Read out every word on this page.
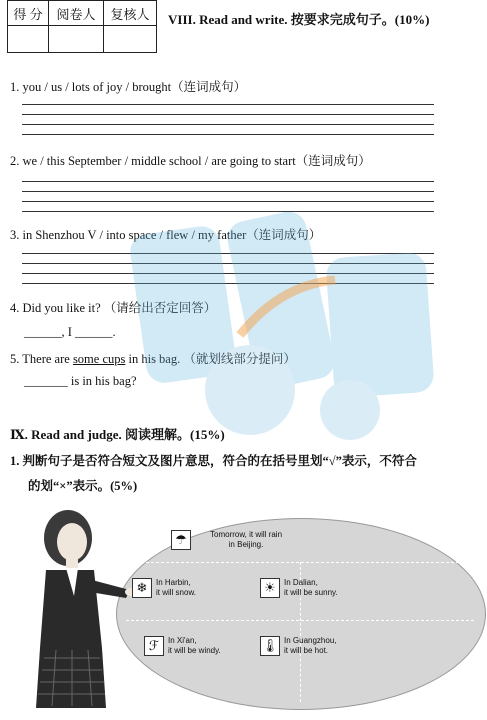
得 分	阅卷人	复核人
		VIII. Read and write. 按要求完成句子。(10%)
1. you / us / lots of joy / brought（连词成句）
2. we / this September / middle school / are going to start（连词成句）
3. in Shenzhou V / into space / flew / my father（连词成句）
4. Did you like it? （请给出否定回答）
______, I ______.
5. There are some cups in his bag. （就划线部分提问）
_______ is in his bag?
Ⅸ. Read and judge. 阅读理解。(15%)
1. 判断句子是否符合短文及图片意思，符合的在括号里划“√”表示，不符合
的划“×”表示。(5%)
☂	Tomorrow, it will rain
in Beijing.
❄	In Harbin,
it will snow.	☀	In Dalian,
it will be sunny.
ℱ	In Xi'an,
it will be windy.	🌡 In Guangzhou,
it will be hot.
